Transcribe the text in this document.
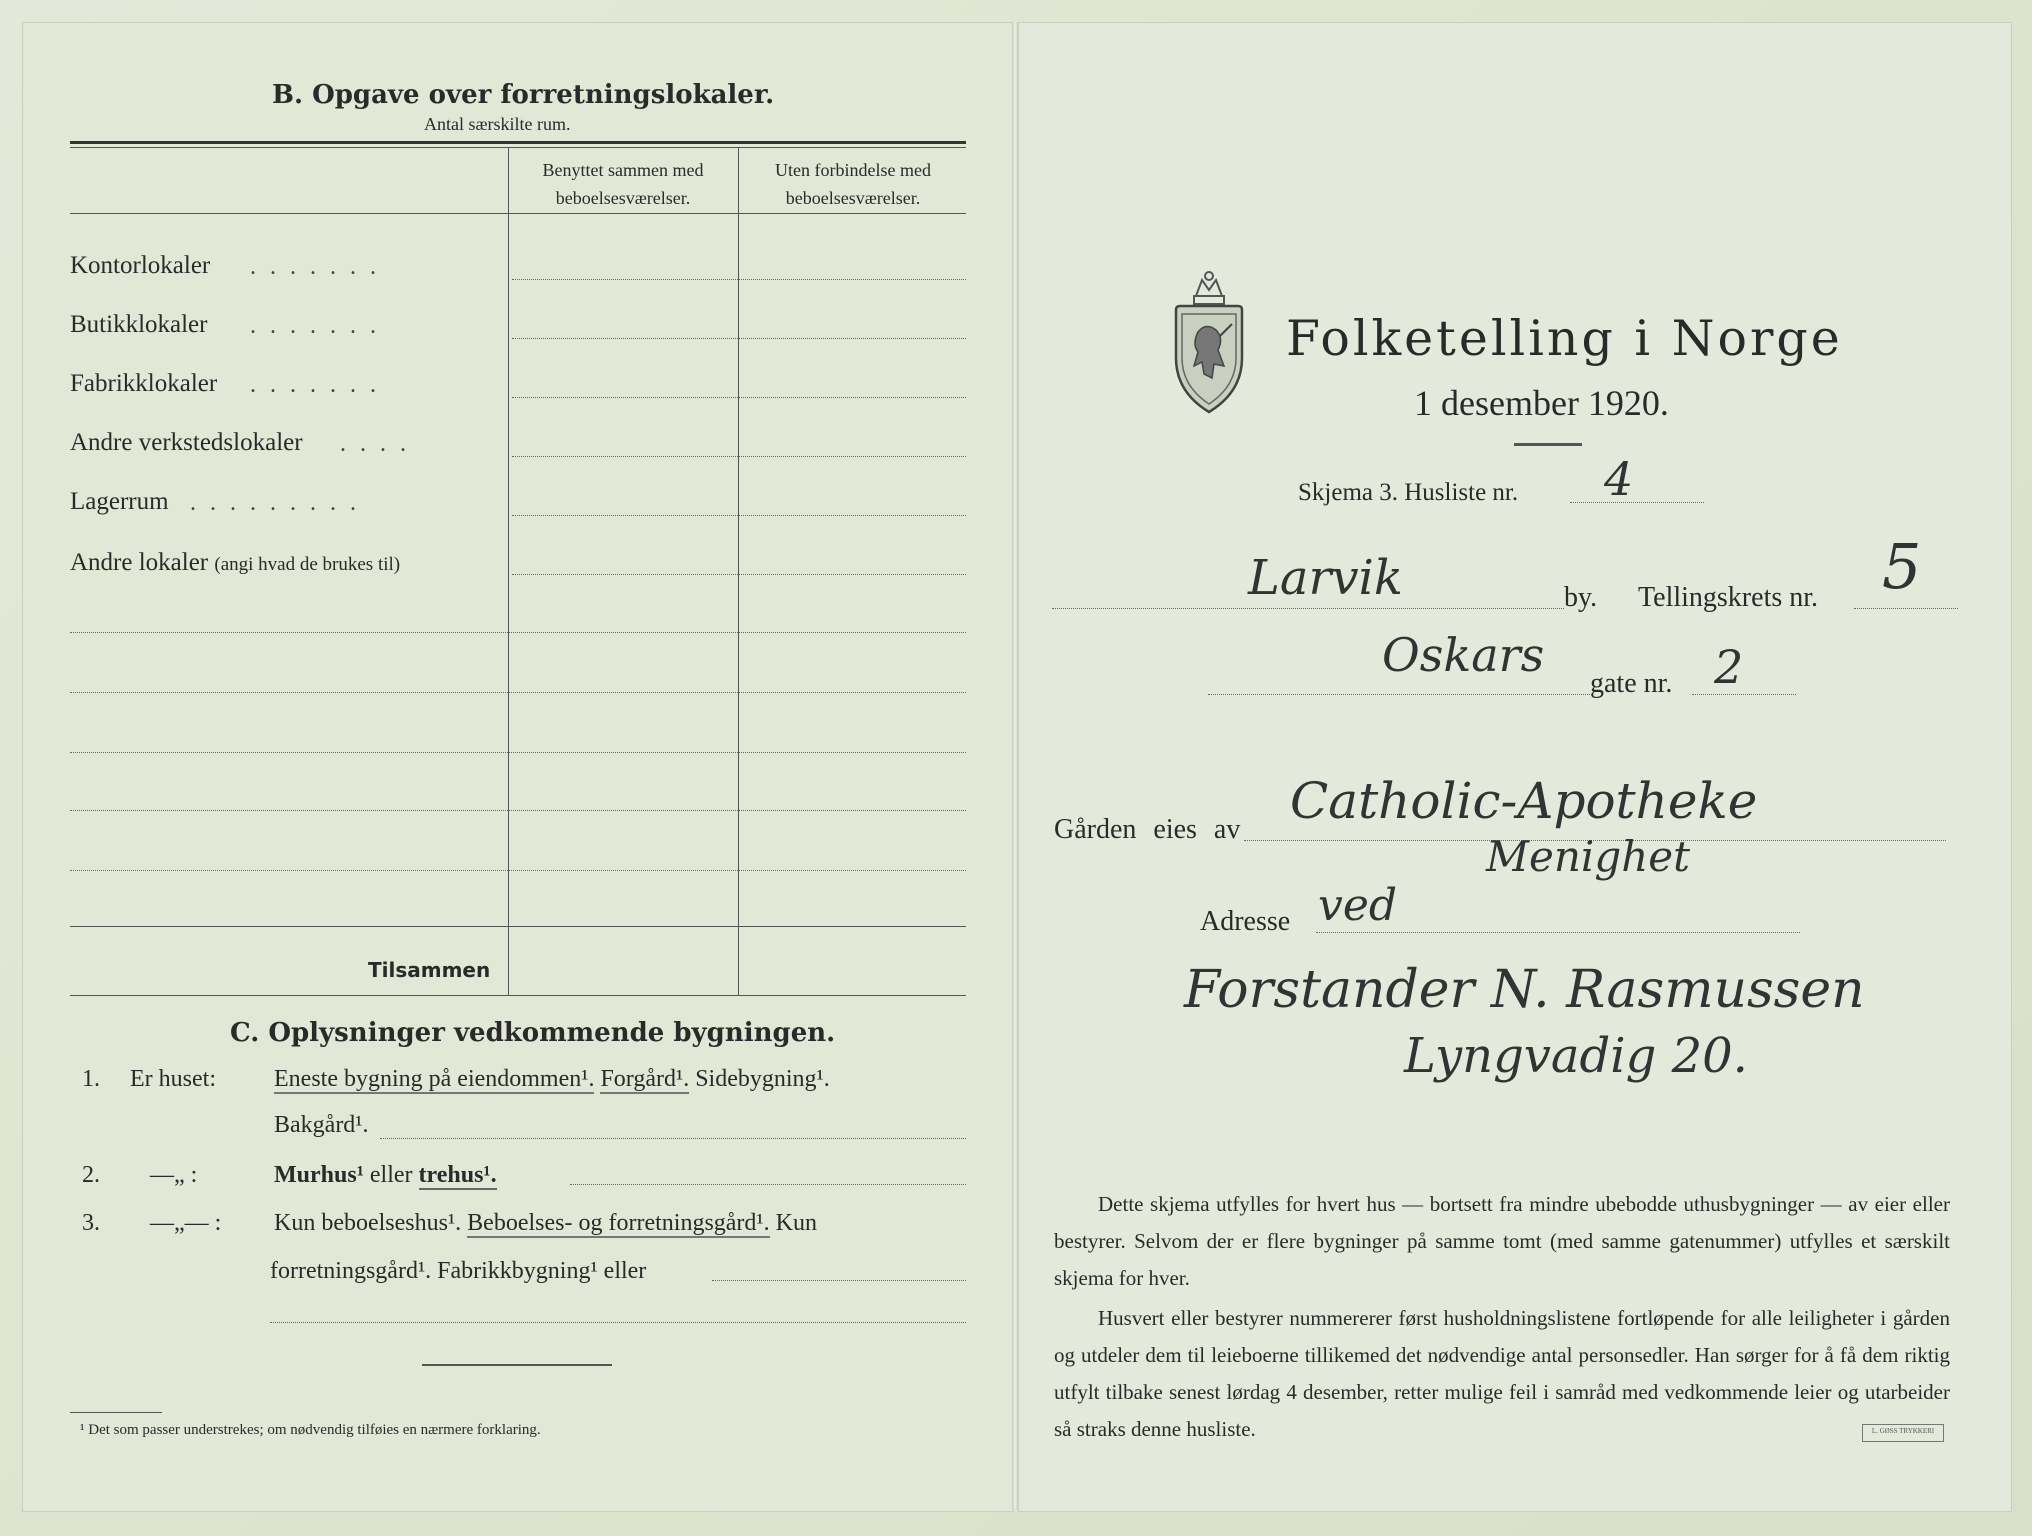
B. Opgave over forretningslokaler.
Antal særskilte rum.
Benyttet sammen med beboelsesværelser.
Uten forbindelse med beboelsesværelser.
Kontorlokaler
Butikklokaler
Fabrikklokaler
Andre verkstedslokaler
Lagerrum
Andre lokaler (angi hvad de brukes til)
.......
.......
.......
....
.........
Tilsammen
C. Oplysninger vedkommende bygningen.
1. Er huset: Eneste bygning på eiendommen¹. Forgård¹. Sidebygning¹.
Bakgård¹.
2. —„ :	Murhus¹ eller trehus¹.
3. —„— : Kun beboelseshus¹. Beboelses- og forretningsgård¹. Kun
forretningsgård¹. Fabrikkbygning¹ eller
¹ Det som passer understrekes; om nødvendig tilføies en nærmere forklaring.
Folketelling i Norge
1 desember 1920.
Skjema 3. Husliste nr. 4
Larvik	by. Tellingskrets nr. 5
Oskars
gate nr. 2
Gården eies av Catholic-Apotheke
Menighet
Adresse ved
Forstander N. Rasmussen
Lyngvadig 20.
Dette skjema utfylles for hvert hus — bortsett fra mindre ubebodde uthusbygninger — av eier eller bestyrer. Selvom der er flere bygninger på samme tomt (med samme gatenummer) utfylles et særskilt skjema for hver.
Husvert eller bestyrer nummererer først husholdningslistene fortløpende for alle leiligheter i gården og utdeler dem til leieboerne tillikemed det nødvendige antal personsedler. Han sørger for å få dem riktig utfylt tilbake senest lørdag 4 desember, retter mulige feil i samråd med vedkommende leier og utarbeider så straks denne husliste.	L. GØSS TRYKKERI
